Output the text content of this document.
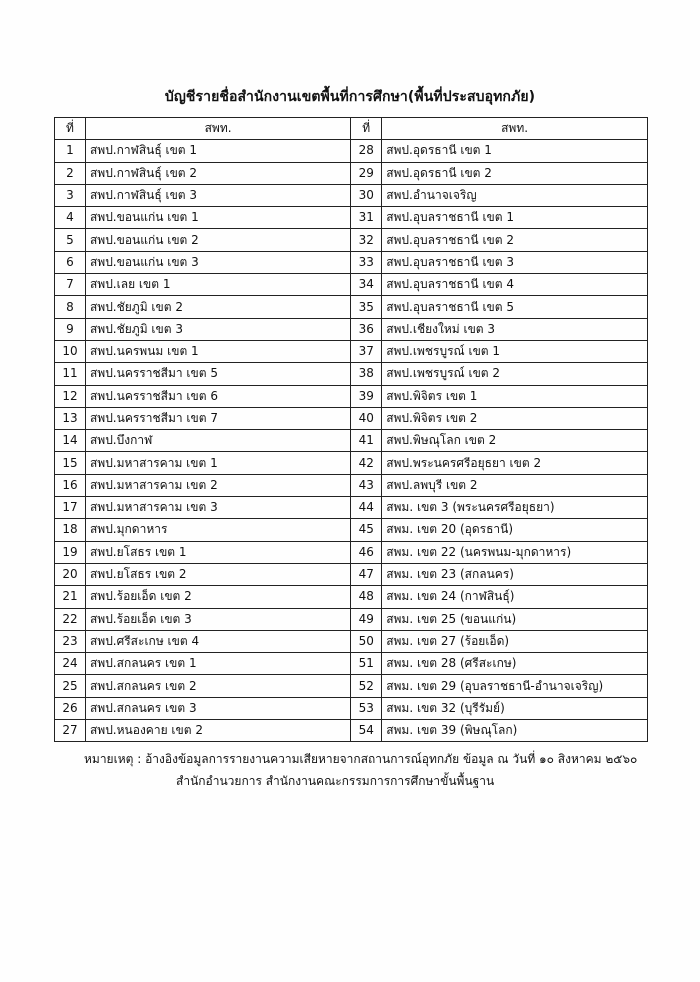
บัญชีรายชื่อสำนักงานเขตพื้นที่การศึกษา(พื้นที่ประสบอุทกภัย)
ที่	สพท.	ที่	สพท.
1	สพป.กาฬสินธุ์ เขต 1	28	สพป.อุดรธานี เขต 1
2	สพป.กาฬสินธุ์ เขต 2	29	สพป.อุดรธานี เขต 2
3	สพป.กาฬสินธุ์ เขต 3	30	สพป.อำนาจเจริญ
4	สพป.ขอนแก่น เขต 1	31	สพป.อุบลราชธานี เขต 1
5	สพป.ขอนแก่น เขต 2	32	สพป.อุบลราชธานี เขต 2
6	สพป.ขอนแก่น เขต 3	33	สพป.อุบลราชธานี เขต 3
7	สพป.เลย เขต 1	34	สพป.อุบลราชธานี เขต 4
8	สพป.ชัยภูมิ เขต 2	35	สพป.อุบลราชธานี เขต 5
9	สพป.ชัยภูมิ เขต 3	36	สพป.เชียงใหม่ เขต 3
10	สพป.นครพนม เขต 1	37	สพป.เพชรบูรณ์ เขต 1
11	สพป.นครราชสีมา เขต 5	38	สพป.เพชรบูรณ์ เขต 2
12	สพป.นครราชสีมา เขต 6	39	สพป.พิจิตร เขต 1
13	สพป.นครราชสีมา เขต 7	40	สพป.พิจิตร เขต 2
14	สพป.บึงกาฬ	41	สพป.พิษณุโลก เขต 2
15	สพป.มหาสารคาม เขต 1	42	สพป.พระนครศรีอยุธยา เขต 2
16	สพป.มหาสารคาม เขต 2	43	สพป.ลพบุรี เขต 2
17	สพป.มหาสารคาม เขต 3	44	สพม. เขต 3 (พระนครศรีอยุธยา)
18	สพป.มุกดาหาร	45	สพม. เขต 20 (อุดรธานี)
19	สพป.ยโสธร เขต 1	46	สพม. เขต 22 (นครพนม-มุกดาหาร)
20	สพป.ยโสธร เขต 2	47	สพม. เขต 23 (สกลนคร)
21	สพป.ร้อยเอ็ด เขต 2	48	สพม. เขต 24 (กาฬสินธุ์)
22	สพป.ร้อยเอ็ด เขต 3	49	สพม. เขต 25 (ขอนแก่น)
23	สพป.ศรีสะเกษ เขต 4	50	สพม. เขต 27 (ร้อยเอ็ด)
24	สพป.สกลนคร เขต 1	51	สพม. เขต 28 (ศรีสะเกษ)
25	สพป.สกลนคร เขต 2	52	สพม. เขต 29 (อุบลราชธานี-อำนาจเจริญ)
26	สพป.สกลนคร เขต 3	53	สพม. เขต 32 (บุรีรัมย์)
27	สพป.หนองคาย เขต 2	54	สพม. เขต 39 (พิษณุโลก)
หมายเหตุ : อ้างอิงข้อมูลการรายงานความเสียหายจากสถานการณ์อุทกภัย ข้อมูล ณ วันที่ ๑๐ สิงหาคม ๒๕๖๐
สำนักอำนวยการ สำนักงานคณะกรรมการการศึกษาขั้นพื้นฐาน
